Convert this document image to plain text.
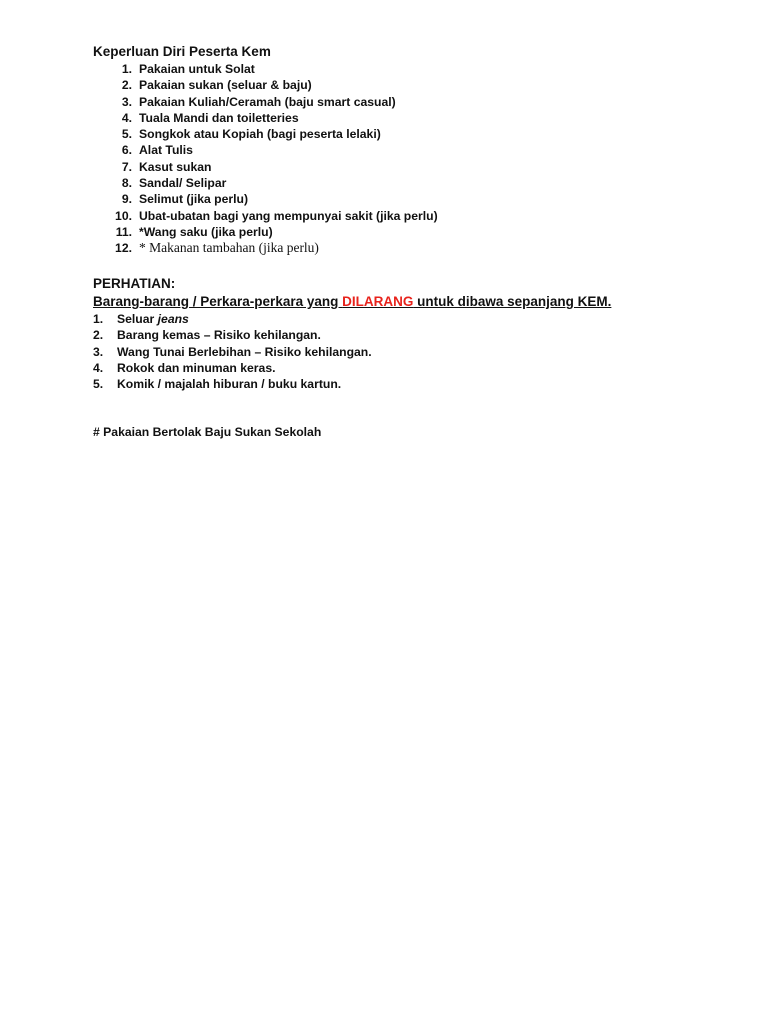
Keperluan Diri Peserta Kem
1. Pakaian untuk Solat
2. Pakaian sukan (seluar & baju)
3. Pakaian Kuliah/Ceramah (baju smart casual)
4. Tuala Mandi dan toiletteries
5. Songkok atau Kopiah (bagi peserta lelaki)
6. Alat Tulis
7. Kasut sukan
8. Sandal/ Selipar
9. Selimut (jika perlu)
10. Ubat-ubatan bagi yang mempunyai sakit (jika perlu)
11. *Wang saku (jika perlu)
12. * Makanan tambahan (jika perlu)
PERHATIAN:
Barang-barang / Perkara-perkara yang DILARANG untuk dibawa sepanjang KEM.
1. Seluar jeans
2. Barang kemas – Risiko kehilangan.
3. Wang Tunai Berlebihan – Risiko kehilangan.
4. Rokok dan minuman keras.
5. Komik / majalah hiburan / buku kartun.
# Pakaian Bertolak Baju Sukan Sekolah
